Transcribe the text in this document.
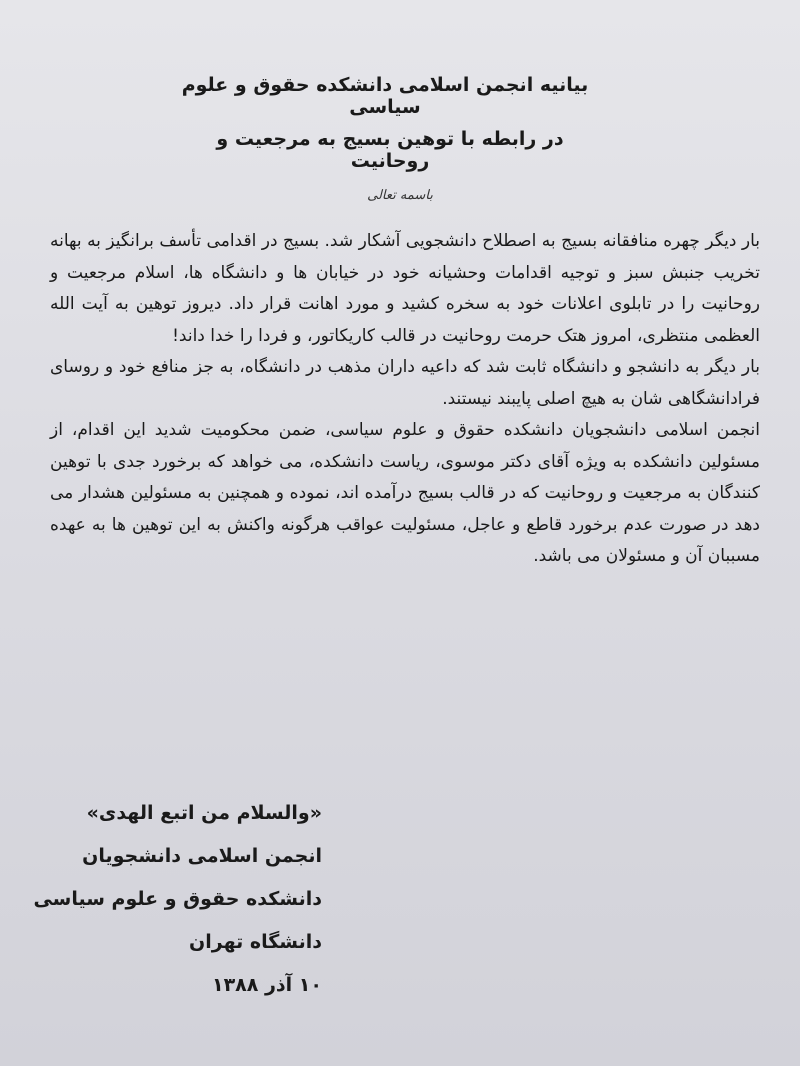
بیانیه انجمن اسلامی دانشکده حقوق و علوم سیاسی
در رابطه با توهین بسیج به مرجعیت و روحانیت
باسمه تعالی

بار دیگر چهره منافقانه بسیج به اصطلاح دانشجویی آشکار شد. بسیج در اقدامی تأسف برانگیز به بهانه تخریب جنبش سبز و توجیه اقدامات وحشیانه خود در خیابان ها و دانشگاه ها، اسلام مرجعیت و روحانیت را در تابلوی اعلانات خود به سخره کشید و مورد اهانت قرار داد. دیروز توهین به آیت الله العظمی منتظری، امروز هتک حرمت روحانیت در قالب کاریکاتور، و فردا را خدا داند!

بار دیگر به دانشجو و دانشگاه ثابت شد که داعیه داران مذهب در دانشگاه، به جز منافع خود و روسای فرادانشگاهی شان به هیچ اصلی پایبند نیستند.

انجمن اسلامی دانشجویان دانشکده حقوق و علوم سیاسی، ضمن محکومیت شدید این اقدام، از مسئولین دانشکده به ویژه آقای دکتر موسوی، ریاست دانشکده، می خواهد که برخورد جدی با توهین کنندگان به مرجعیت و روحانیت که در قالب بسیج درآمده اند، نموده و همچنین به مسئولین هشدار می دهد در صورت عدم برخورد قاطع و عاجل، مسئولیت عواقب هرگونه واکنش به این توهین ها به عهده مسببان آن و مسئولان می باشد.

«والسلام من اتبع الهدی»
انجمن اسلامی دانشجویان
دانشکده حقوق و علوم سیاسی
دانشگاه تهران
۱۰ آذر ۱۳۸۸
